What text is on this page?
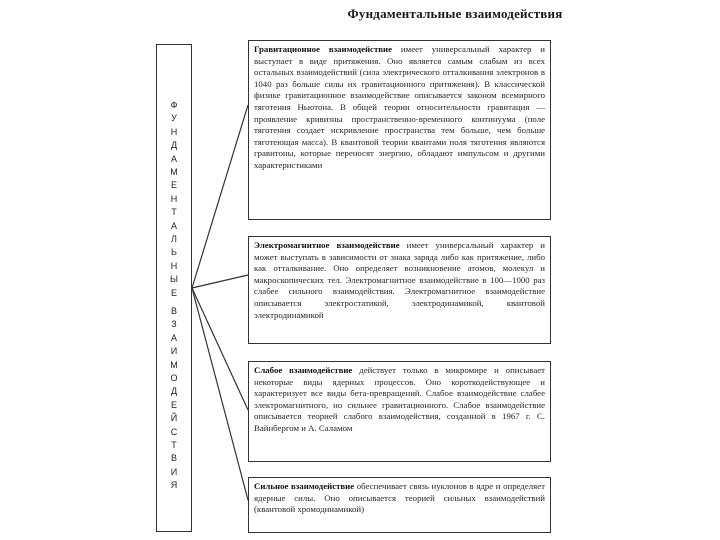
Фундаментальные взаимодействия
Ф
У
Н
Д
А
М
Е
Н
Т
А
Л
Ь
Н
Ы
Е
В
З
А
И
М
О
Д
Е
Й
С
Т
В
И
Я
Гравитационное взаимодействие имеет универсальный характер и выступает в виде притяжения. Оно является самым слабым из всех остальных взаимодействий (сила электрического отталкивания электронов в 1040 раз больше силы их гравитационного притяжения). В классической физике гравитационное взаимодействие описывается законом всемирного тяготения Ньютона. В общей теории относительности гравитация — проявление кривизны пространственно-временного континуума (поле тяготения создает искривление пространства тем больше, чем больше тяготеющая масса). В квантовой теории квантами поля тяготения являются гравитоны, которые переносят энергию, обладают импульсом и другими характеристиками
Электромагнитное взаимодействие имеет универсальный характер и может выступать в зависимости от знака заряда либо как притяжение, либо как отталкивание. Оно определяет возникновение атомов, молекул и макроскопических тел. Электромагнитное взаимодействие в 100—1000 раз слабее сильного взаимодействия. Электромагнитное взаимодействие описывается электростатикой, электродинамикой, квантовой электродинамикой
Слабое взаимодействие действует только в микромире и описывает некоторые виды ядерных процессов. Оно короткодействующее и характеризует все виды бета-превращений. Слабое взаимодействие слабее электромагнитного, но сильнее гравитационного. Слабое взаимодействие описывается теорией слабого взаимодействия, созданной в 1967 г. С. Вайнбергом и А. Саламом
Сильное взаимодействие обеспечивает связь нуклонов в ядре и определяет ядерные силы. Оно описывается теорией сильных взаимодействий (квантовой хромодинамикой)
